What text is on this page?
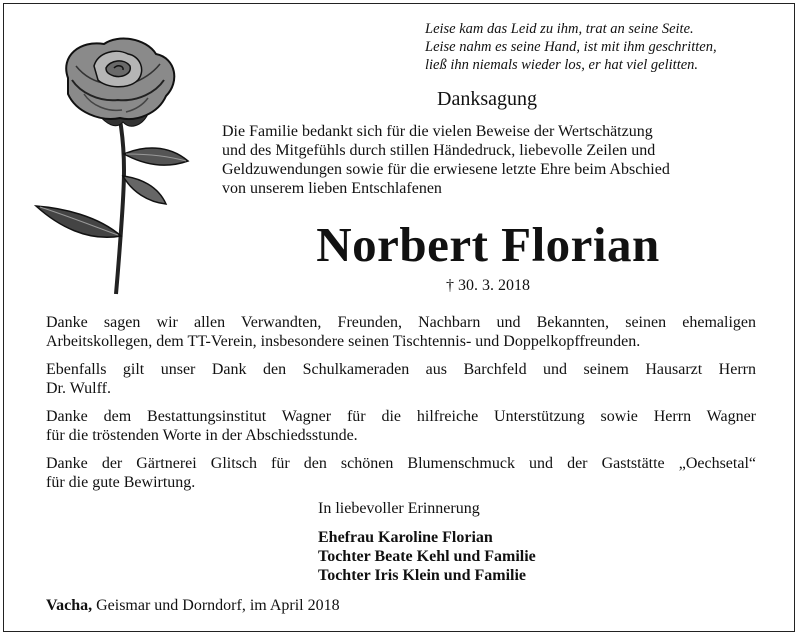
Leise kam das Leid zu ihm, trat an seine Seite.
Leise nahm es seine Hand, ist mit ihm geschritten,
ließ ihn niemals wieder los, er hat viel gelitten.
Danksagung
Die Familie bedankt sich für die vielen Beweise der Wertschätzung
und des Mitgefühls durch stillen Händedruck, liebevolle Zeilen und
Geldzuwendungen sowie für die erwiesene letzte Ehre beim Abschied
von unserem lieben Entschlafenen
Norbert Florian
† 30. 3. 2018
Danke sagen wir allen Verwandten, Freunden, Nachbarn und Bekannten, seinen ehemaligen
Arbeitskollegen, dem TT-Verein, insbesondere seinen Tischtennis- und Doppelkopffreunden.
Ebenfalls gilt unser Dank den Schulkameraden aus Barchfeld und seinem Hausarzt Herrn
Dr. Wulff.
Danke dem Bestattungsinstitut Wagner für die hilfreiche Unterstützung sowie Herrn Wagner
für die tröstenden Worte in der Abschiedsstunde.
Danke der Gärtnerei Glitsch für den schönen Blumenschmuck und der Gaststätte „Oechsetal“
für die gute Bewirtung.
In liebevoller Erinnerung
Ehefrau Karoline Florian
Tochter Beate Kehl und Familie
Tochter Iris Klein und Familie
Vacha, Geismar und Dorndorf, im April 2018
